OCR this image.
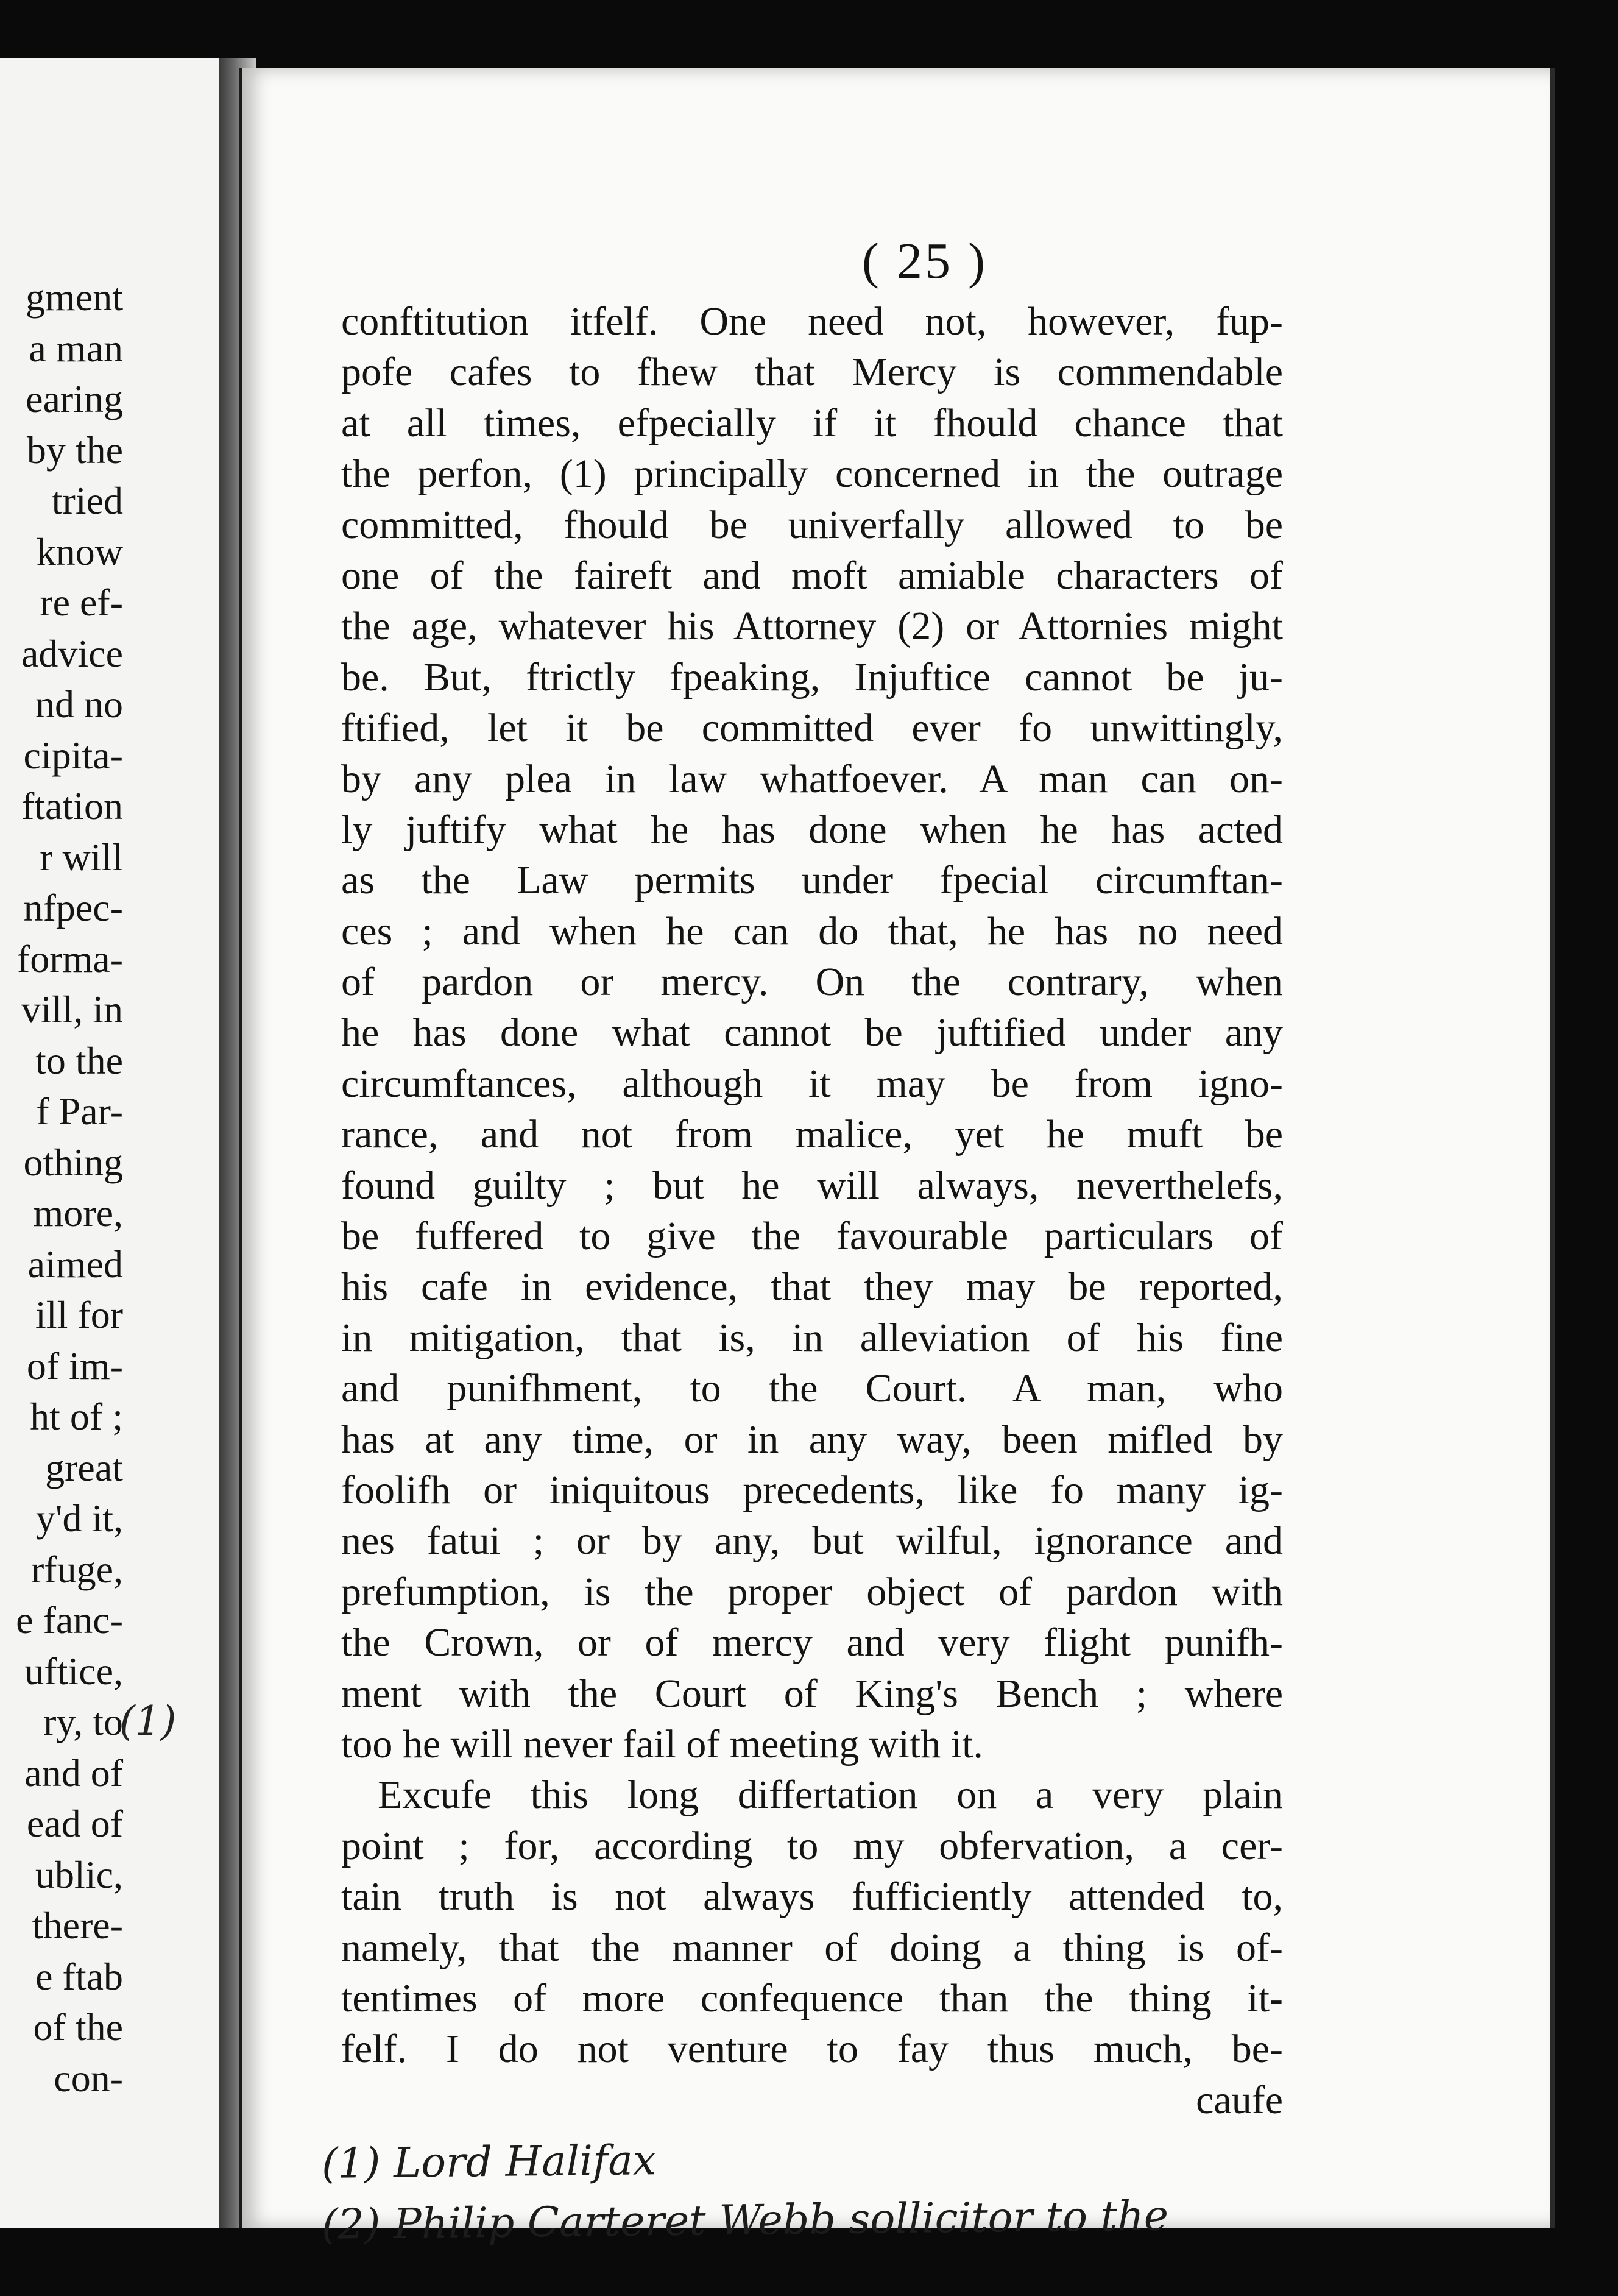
gment
a man
earing
by the
tried
know
re ef-
advice
nd no
cipita-
ftation
r will
nfpec-
forma-
vill, in
to the
f Par-
othing
more,
aimed
ill for
of im-
ht of ;
great
y'd it,
rfuge,
e fanc-
uftice,
ry, to
and of
ead of
ublic,
there-
e ftab
of the
con-
(1)
( 25 )
conftitution itfelf. One need not, however, fup-
pofe cafes to fhew that Mercy is commendable
at all times, efpecially if it fhould chance that
the perfon, (1) principally concerned in the outrage
committed, fhould be univerfally allowed to be
one of the faireft and moft amiable characters of
the age, whatever his Attorney (2) or Attornies might
be. But, ftrictly fpeaking, Injuftice cannot be ju-
ftified, let it be committed ever fo unwittingly,
by any plea in law whatfoever. A man can on-
ly juftify what he has done when he has acted
as the Law permits under fpecial circumftan-
ces ; and when he can do that, he has no need
of pardon or mercy. On the contrary, when
he has done what cannot be juftified under any
circumftances, although it may be from igno-
rance, and not from malice, yet he muft be
found guilty ; but he will always, neverthelefs,
be fuffered to give the favourable particulars of
his cafe in evidence, that they may be reported,
in mitigation, that is, in alleviation of his fine
and punifhment, to the Court. A man, who
has at any time, or in any way, been mifled by
foolifh or iniquitous precedents, like fo many ig-
nes fatui ; or by any, but wilful, ignorance and
prefumption, is the proper object of pardon with
the Crown, or of mercy and very flight punifh-
ment with the Court of King's Bench ; where
too he will never fail of meeting with it.
Excufe this long differtation on a very plain
point ; for, according to my obfervation, a cer-
tain truth is not always fufficiently attended to,
namely, that the manner of doing a thing is of-
tentimes of more confequence than the thing it-
felf. I do not venture to fay thus much, be-
caufe
(1) Lord Halifax
(2) Philip Carteret Webb sollicitor to the
